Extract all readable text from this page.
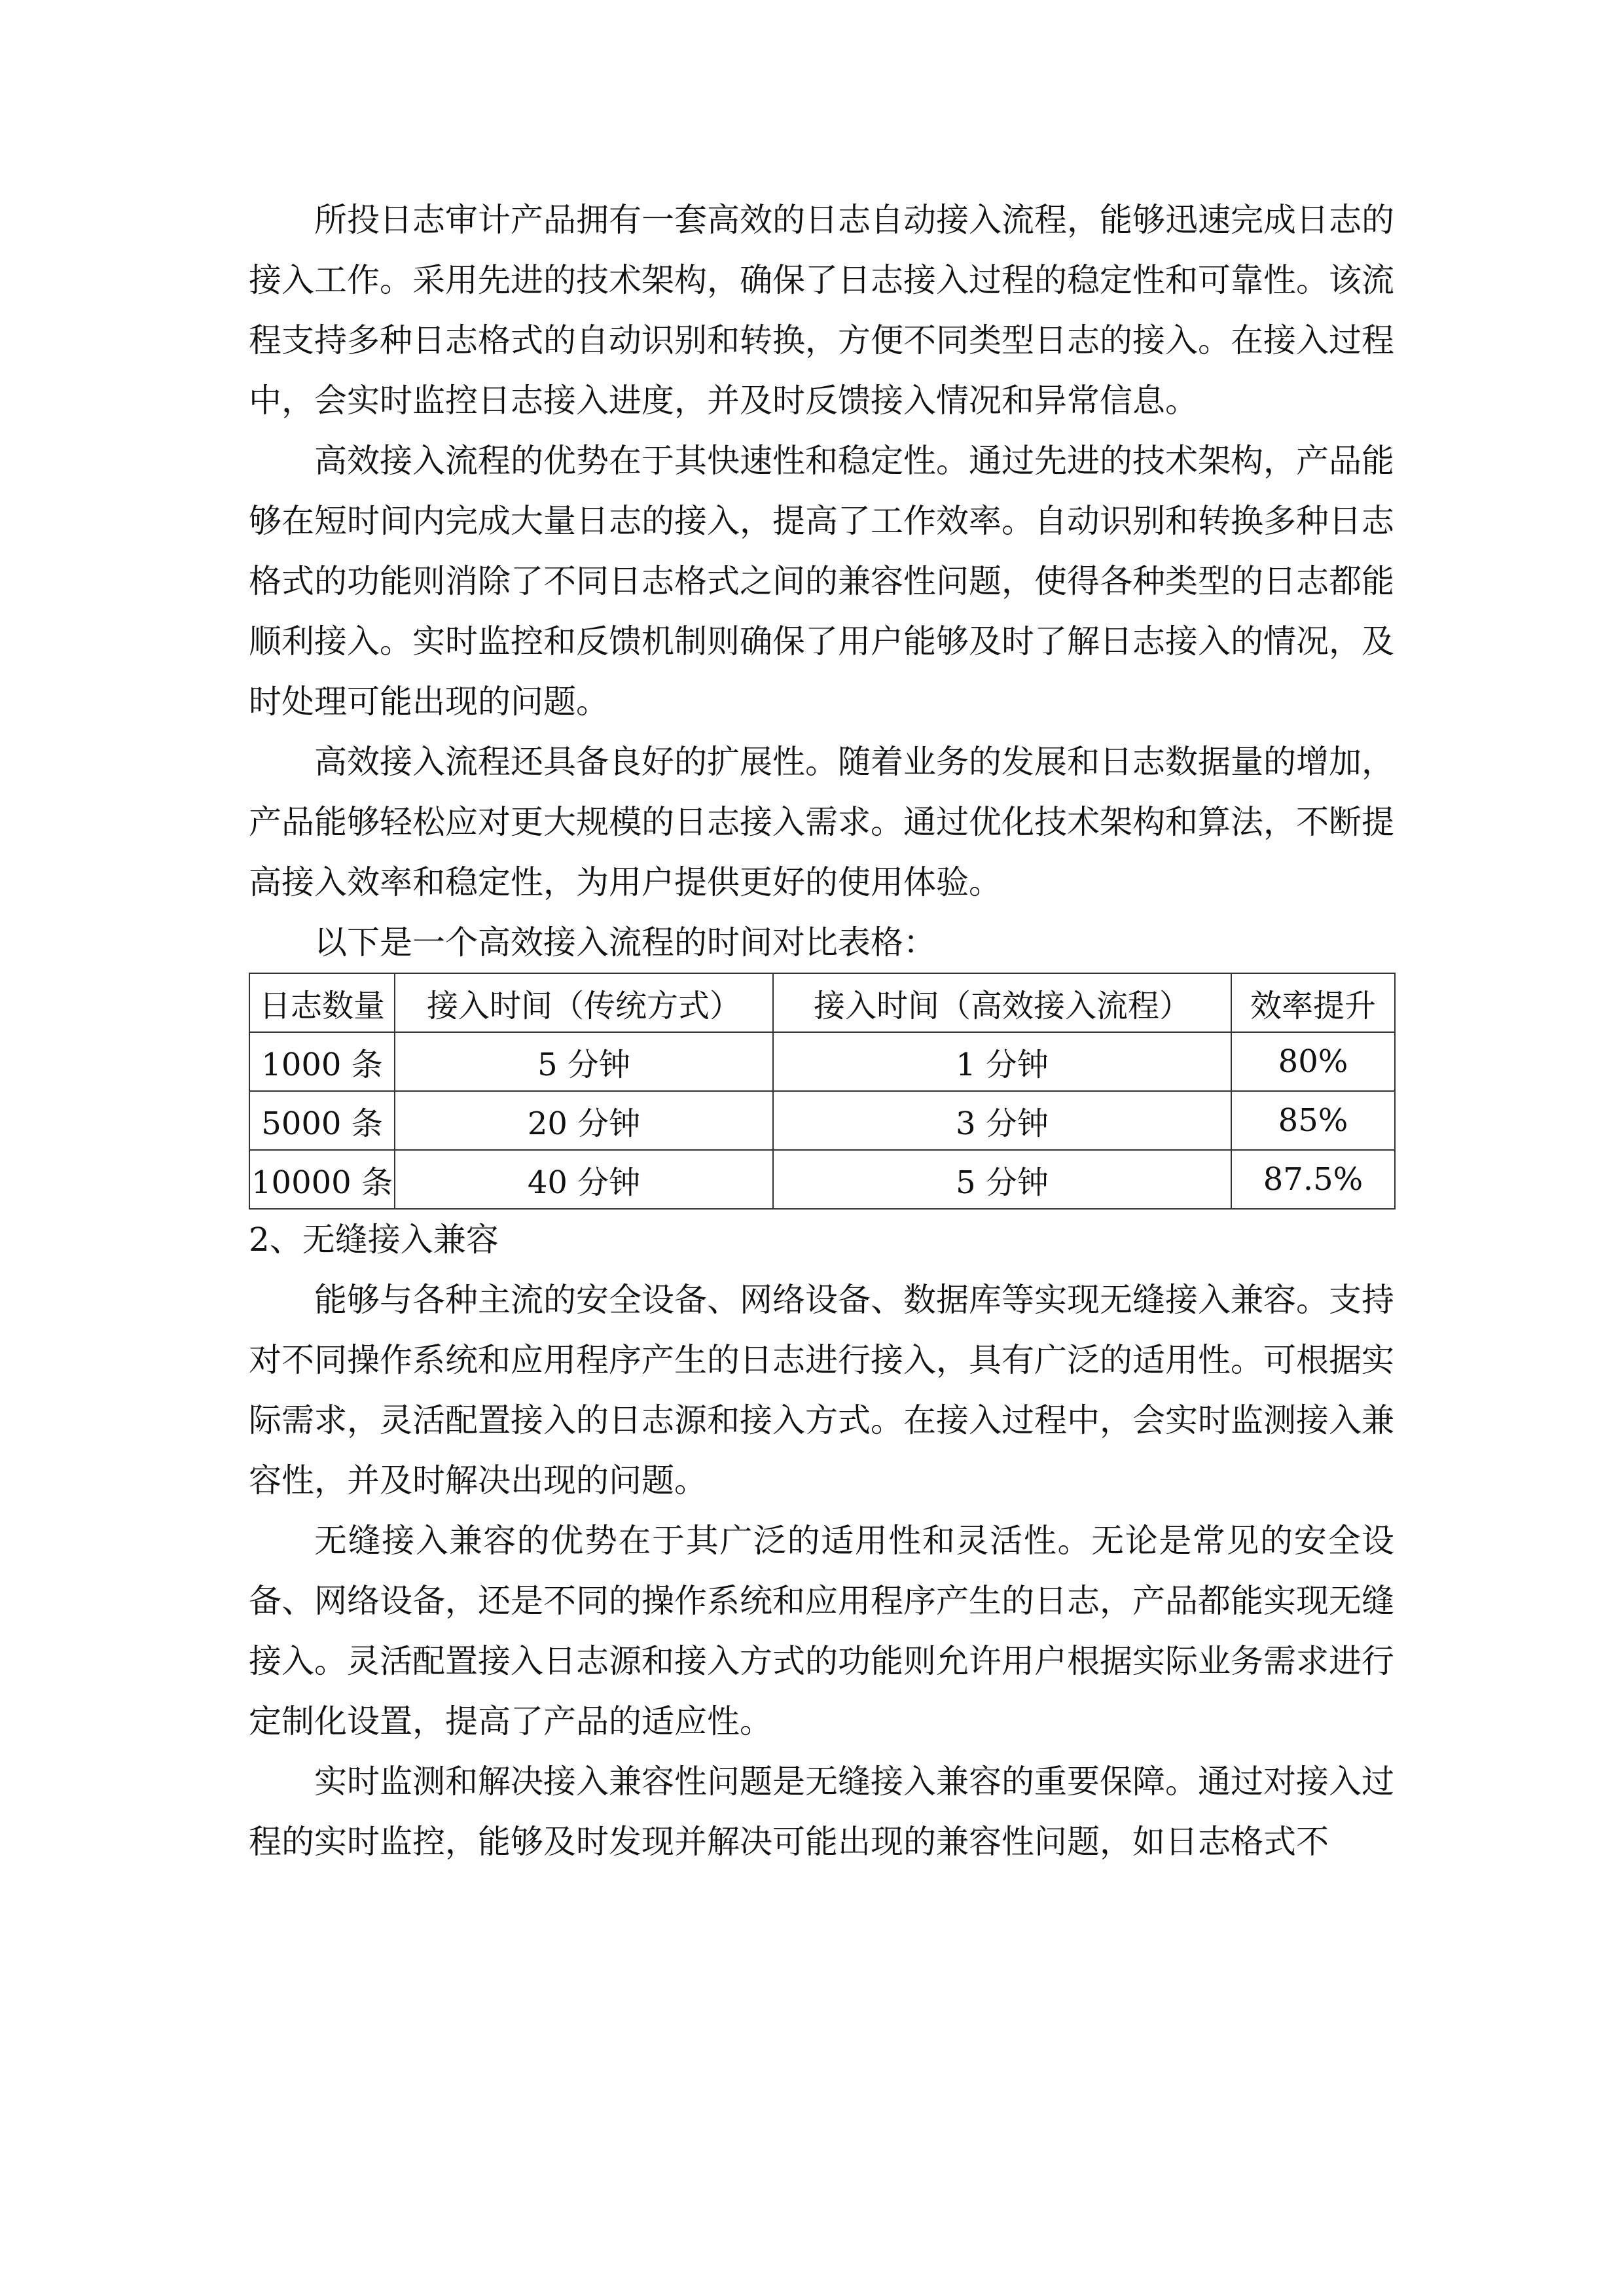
所投日志审计产品拥有一套高效的日志自动接入流程，能够迅速完成日志的接入工作。采用先进的技术架构，确保了日志接入过程的稳定性和可靠性。该流程支持多种日志格式的自动识别和转换，方便不同类型日志的接入。在接入过程中，会实时监控日志接入进度，并及时反馈接入情况和异常信息。

高效接入流程的优势在于其快速性和稳定性。通过先进的技术架构，产品能够在短时间内完成大量日志的接入，提高了工作效率。自动识别和转换多种日志格式的功能则消除了不同日志格式之间的兼容性问题，使得各种类型的日志都能顺利接入。实时监控和反馈机制则确保了用户能够及时了解日志接入的情况，及时处理可能出现的问题。

高效接入流程还具备良好的扩展性。随着业务的发展和日志数据量的增加，产品能够轻松应对更大规模的日志接入需求。通过优化技术架构和算法，不断提高接入效率和稳定性，为用户提供更好的使用体验。

以下是一个高效接入流程的时间对比表格：

日志数量	接入时间（传统方式）	接入时间（高效接入流程）	效率提升
1000 条	5 分钟	1 分钟	80%
5000 条	20 分钟	3 分钟	85%
10000 条	40 分钟	5 分钟	87.5%

2、无缝接入兼容

能够与各种主流的安全设备、网络设备、数据库等实现无缝接入兼容。支持对不同操作系统和应用程序产生的日志进行接入，具有广泛的适用性。可根据实际需求，灵活配置接入的日志源和接入方式。在接入过程中，会实时监测接入兼容性，并及时解决出现的问题。

无缝接入兼容的优势在于其广泛的适用性和灵活性。无论是常见的安全设备、网络设备，还是不同的操作系统和应用程序产生的日志，产品都能实现无缝接入。灵活配置接入日志源和接入方式的功能则允许用户根据实际业务需求进行定制化设置，提高了产品的适应性。

实时监测和解决接入兼容性问题是无缝接入兼容的重要保障。通过对接入过程的实时监控，能够及时发现并解决可能出现的兼容性问题，如日志格式不
